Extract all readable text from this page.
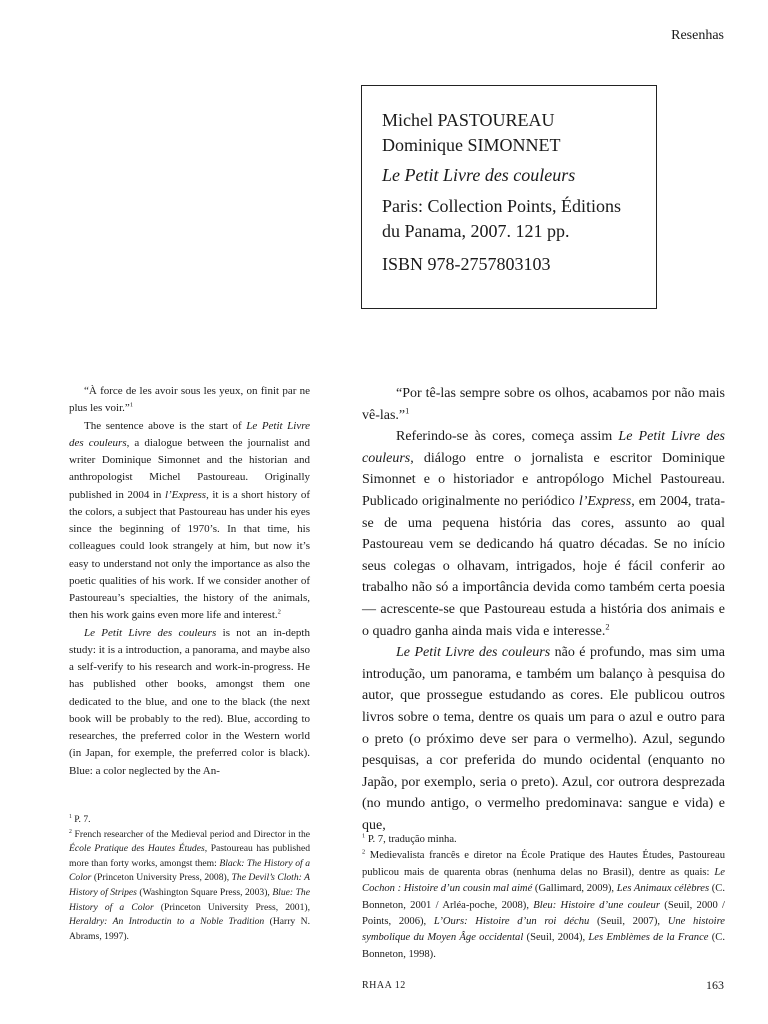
Resenhas
Michel PASTOUREAU
Dominique SIMONNET
Le Petit Livre des couleurs
Paris: Collection Points, Éditions du Panama, 2007. 121 pp.
ISBN 978-2757803103

“À force de les avoir sous les yeux, on finit par ne plus les voir.”$^1$

The sentence above is the start of Le Petit Livre des couleurs, a dialogue between the journalist and writer Dominique Simonnet and the historian and anthropologist Michel Pastoureau. Originally published in 2004 in l’Express, it is a short history of the colors, a subject that Pastoureau has under his eyes since the beginning of 1970’s. In that time, his colleagues could look strangely at him, but now it’s easy to understand not only the importance as also the poetic qualities of his work. If we consider another of Pastoureau’s specialties, the history of the animals, then his work gains even more life and interest.$^2$

Le Petit Livre des couleurs is not an in-depth study: it is a introduction, a panorama, and maybe also a self-verify to his research and work-in-progress. He has published other books, amongst them one dedicated to the blue, and one to the black (the next book will be probably to the red). Blue, according to researches, the preferred color in the Western world (in Japan, for exemple, the preferred color is black). Blue: a color neglected by the An-

“Por tê-las sempre sobre os olhos, acabamos por não mais vê-las.”$^1$

Referindo-se às cores, começa assim Le Petit Livre des couleurs, diálogo entre o jornalista e escritor Dominique Simonnet e o historiador e antropólogo Michel Pastoureau. Publicado originalmente no periódico l’Express, em 2004, trata-se de uma pequena história das cores, assunto ao qual Pastoureau vem se dedicando há quatro décadas. Se no início seus colegas o olhavam, intrigados, hoje é fácil conferir ao trabalho não só a importância devida como também certa poesia — acrescente-se que Pastoureau estuda a história dos animais e o quadro ganha ainda mais vida e interesse.$^2$

Le Petit Livre des couleurs não é profundo, mas sim uma introdução, um panorama, e também um balanço à pesquisa do autor, que prossegue estudando as cores. Ele publicou outros livros sobre o tema, dentre os quais um para o azul e outro para o preto (o próximo deve ser para o vermelho). Azul, segundo pesquisas, a cor preferida do mundo ocidental (enquanto no Japão, por exemplo, seria o preto). Azul, cor outrora desprezada (no mundo antigo, o vermelho predominava: sangue e vida) e que,

$^1$ P. 7.

$^2$ French researcher of the Medieval period and Director in the École Pratique des Hautes Études, Pastoureau has published more than forty works, amongst them: Black: The History of a Color (Princeton University Press, 2008), The Devil’s Cloth: A History of Stripes (Washington Square Press, 2003), Blue: The History of a Color (Princeton University Press, 2001), Heraldry: An Introductin to a Noble Tradition (Harry N. Abrams, 1997).

$^1$ P. 7, tradução minha.

$^2$ Medievalista francês e diretor na École Pratique des Hautes Études, Pastoureau publicou mais de quarenta obras (nenhuma delas no Brasil), dentre as quais: Le Cochon : Histoire d’un cousin mal aimé (Gallimard, 2009), Les Animaux célèbres (C. Bonneton, 2001 / Arléa-poche, 2008), Bleu: Histoire d’une couleur (Seuil, 2000 / Points, 2006), L’Ours: Histoire d’un roi déchu (Seuil, 2007), Une histoire symbolique du Moyen Âge occidental (Seuil, 2004), Les Emblèmes de la France (C. Bonneton, 1998).

RHAA 12	163
